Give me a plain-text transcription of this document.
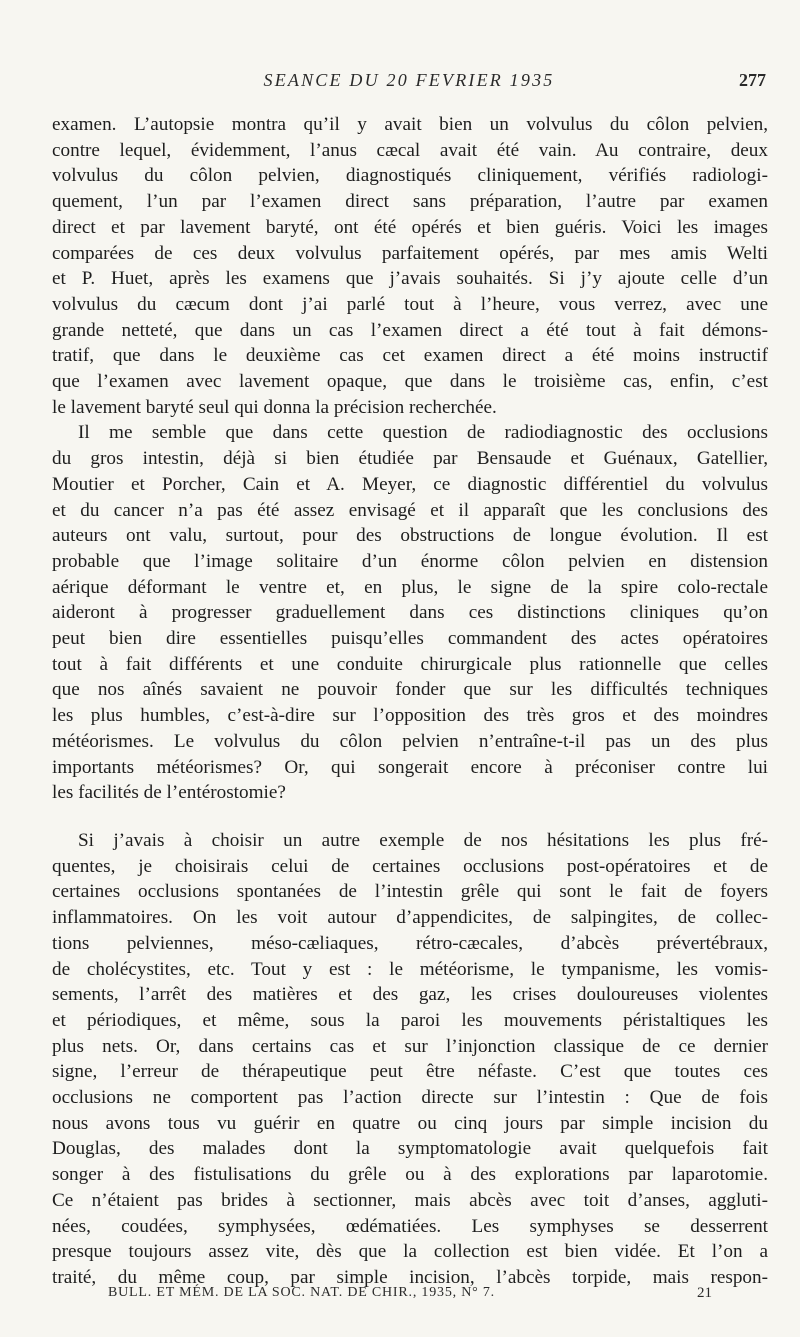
SEANCE DU 20 FEVRIER 1935	277
examen. L’autopsie montra qu’il y avait bien un volvulus du côlon pelvien,
contre lequel, évidemment, l’anus cæcal avait été vain. Au contraire, deux
volvulus du côlon pelvien, diagnostiqués cliniquement, vérifiés radiologi-
quement, l’un par l’examen direct sans préparation, l’autre par examen
direct et par lavement baryté, ont été opérés et bien guéris. Voici les images
comparées de ces deux volvulus parfaitement opérés, par mes amis Welti
et P. Huet, après les examens que j’avais souhaités. Si j’y ajoute celle d’un
volvulus du cæcum dont j’ai parlé tout à l’heure, vous verrez, avec une
grande netteté, que dans un cas l’examen direct a été tout à fait démons-
tratif, que dans le deuxième cas cet examen direct a été moins instructif
que l’examen avec lavement opaque, que dans le troisième cas, enfin, c’est
le lavement baryté seul qui donna la précision recherchée.
Il me semble que dans cette question de radiodiagnostic des occlusions
du gros intestin, déjà si bien étudiée par Bensaude et Guénaux, Gatellier,
Moutier et Porcher, Cain et A. Meyer, ce diagnostic différentiel du volvulus
et du cancer n’a pas été assez envisagé et il apparaît que les conclusions des
auteurs ont valu, surtout, pour des obstructions de longue évolution. Il est
probable que l’image solitaire d’un énorme côlon pelvien en distension
aérique déformant le ventre et, en plus, le signe de la spire colo-rectale
aideront à progresser graduellement dans ces distinctions cliniques qu’on
peut bien dire essentielles puisqu’elles commandent des actes opératoires
tout à fait différents et une conduite chirurgicale plus rationnelle que celles
que nos aînés savaient ne pouvoir fonder que sur les difficultés techniques
les plus humbles, c’est-à-dire sur l’opposition des très gros et des moindres
météorismes. Le volvulus du côlon pelvien n’entraîne-t-il pas un des plus
importants météorismes? Or, qui songerait encore à préconiser contre lui
les facilités de l’entérostomie?
Si j’avais à choisir un autre exemple de nos hésitations les plus fré-
quentes, je choisirais celui de certaines occlusions post-opératoires et de
certaines occlusions spontanées de l’intestin grêle qui sont le fait de foyers
inflammatoires. On les voit autour d’appendicites, de salpingites, de collec-
tions pelviennes, méso-cæliaques, rétro-cæcales, d’abcès prévertébraux,
de cholécystites, etc. Tout y est : le météorisme, le tympanisme, les vomis-
sements, l’arrêt des matières et des gaz, les crises douloureuses violentes
et périodiques, et même, sous la paroi les mouvements péristaltiques les
plus nets. Or, dans certains cas et sur l’injonction classique de ce dernier
signe, l’erreur de thérapeutique peut être néfaste. C’est que toutes ces
occlusions ne comportent pas l’action directe sur l’intestin : Que de fois
nous avons tous vu guérir en quatre ou cinq jours par simple incision du
Douglas, des malades dont la symptomatologie avait quelquefois fait
songer à des fistulisations du grêle ou à des explorations par laparotomie.
Ce n’étaient pas brides à sectionner, mais abcès avec toit d’anses, aggluti-
nées, coudées, symphysées, œdématiées. Les symphyses se desserrent
presque toujours assez vite, dès que la collection est bien vidée. Et l’on a
traité, du même coup, par simple incision, l’abcès torpide, mais respon-
BULL. ET MÉM. DE LA SOC. NAT. DE CHIR., 1935, N° 7.	21
